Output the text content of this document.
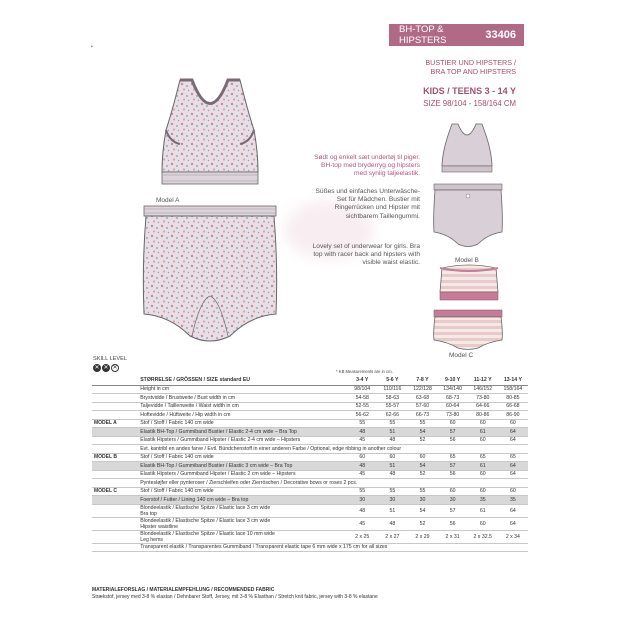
•
BH-TOP & HIPSTERS	33406
BUSTIER UND HIPSTERS /
BRA TOP AND HIPSTERS
KIDS / TEENS 3 - 14 Y
SIZE 98/104 - 158/164 CM
Model A
Model B
Model C
Sødt og enkelt sæt undertøj til piger.
BH-top med bryderryg og hipsters
med synlig taljeelastik.
Süßes und einfaches Unterwäsche-
Set für Mädchen. Bustier mit
Ringerrücken und Hipster mit
sichtbarem Taillengummi.
Lovely set of underwear for girls. Bra
top with racer back and hipsters with
visible waist elastic.
SKILL LEVEL
✕ ✕ ✕
* KB Measurements are in cm.
	STØRRELSE / GRÖSSEN / SIZE standard EU	3-4 Y	5-6 Y	7-8 Y	9-10 Y	11-12 Y	13-14 Y
	Height in cm	98/104	110/116	122/128	134/140	146/152	158/164
	Brystvidde / Brustweite / Bust width in cm	54-58	58-63	63-68	68-73	73-80	80-85
	Taljevidde / Taillenweite / Waist width in cm	52-55	55-57	57-60	60-64	64-66	66-68
	Hoftevidde / Hüftweite / Hip width in cm	56-62	62-66	66-73	73-80	80-86	86-90
MODEL A	Stof / Stoff / Fabric 140 cm wide	55	55	55	60	60	60
	Elastik BH-Top / Gummiband Bustier / Elastic 2-4 cm wide – Bra Top	48	51	54	57	61	64
	Elastik Hipsters / Gummiband Hipster / Elastic 2-4 cm wide – Hipsters	45	48	52	56	60	64
	Evt. kantribl en andes farve / Evtl. Bündchenstoff in einer anderen Farbe / Optional, edge ribbing in another colour						
MODEL B	Stof / Stoff / Fabric 140 cm wide	60	60	60	65	65	65
	Elastik BH-Top / Gummiband Bustier / Elastic 3 cm wide – Bra Top	48	51	54	57	61	64
	Elastik Hipsters / Gummiband Hipster / Elastic 2 cm wide – Hipsters	45	48	52	56	60	64
	Pyntesløjfer eller pynteroser / Zierschleifen oder Zierröschen / Decorative bows or roses 2 pcs.						
MODEL C	Stof / Stoff / Fabric 140 cm wide	55	55	55	60	60	60
	Foerstof / Futter / Lining 140 cm wide – Bra top	30	30	30	30	35	35
	Blondeelastik / Elastische Spitze / Elastic lace 3 cm wide
Bra top	48	51	54	57	61	64
	Blondeelastik / Elastische Spitze / Elastic lace 3 cm wide
Hipster waistline	45	48	52	56	60	64
	Blondeelastik / Elastische Spitze / Elastic lace 10 mm wide
Leg hems	2 x 25	2 x 27	2 x 29	2 x 31	2 x 32.5	2 x 34
	Transparent elastik / Transparentes Gummiband / Transparent elastic tape 6 mm wide x 175 cm for all sizes						
MATERIALEFORSLAG / MATERIALEMPFEHLUNG / RECOMMENDED FABRIC
Strækstof, jersey med 3-8 % elastan / Dehnbarer Stoff, Jersey, mit 3-8 % Elasthan / Stretch knit fabric, jersey with 3-8 % elastane
